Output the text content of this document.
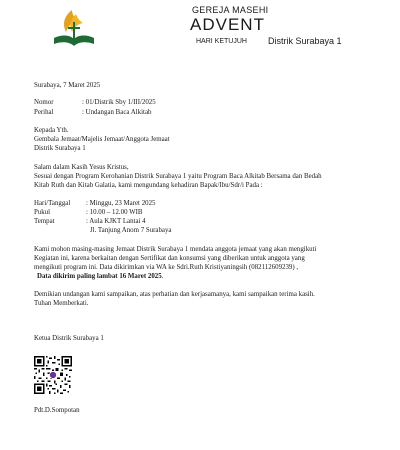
GEREJA MASEHI
ADVENT
HARI KETUJUH Distrik Surabaya 1
Surabaya, 7 Maret 2025
Nomor	: 01/Distrik Sby 1/III/2025
Perihal	: Undangan Baca Alkitab
Kepada Yth.
Gembala Jemaat/Majelis Jemaat/Anggota Jemaat
Distrik Surabaya 1
Salam dalam Kasih Yesus Kristus,
Sesuai dengan Program Kerohanian Distrik Surabaya 1 yaitu Program Baca Alkitab Bersama dan Bedah
Kitab Ruth dan Kitab Galatia, kami mengundang kehadiran Bapak/Ibu/Sdr/i Pada :
Hari/Tanggal : Minggu, 23 Maret 2025
Pukul	: 10.00 – 12.00 WIB
Tempat	: Aula KJKT Lantai 4
Jl. Tanjung Anom 7 Surabaya
Kami mohon masing-masing Jemaat Distrik Surabaya 1 mendata anggota jemaat yang akan mengikuti
Kegiatan ini, karena berkaitan dengan Sertifikat dan konsumsi yang diberikan untuk anggota yang
mengikuti program ini. Data dikirimkan via WA ke Sdri.Ruth Kristiyaningsih (082112609239) ,
Data dikirim paling lambat 16 Maret 2025.
Demikian undangan kami sampaikan, atas perhatian dan kerjasamanya, kami sampaikan terima kasih.
Tuhan Memberkati.
Ketua Distrik Surabaya 1
Pdt.D.Sompotan
